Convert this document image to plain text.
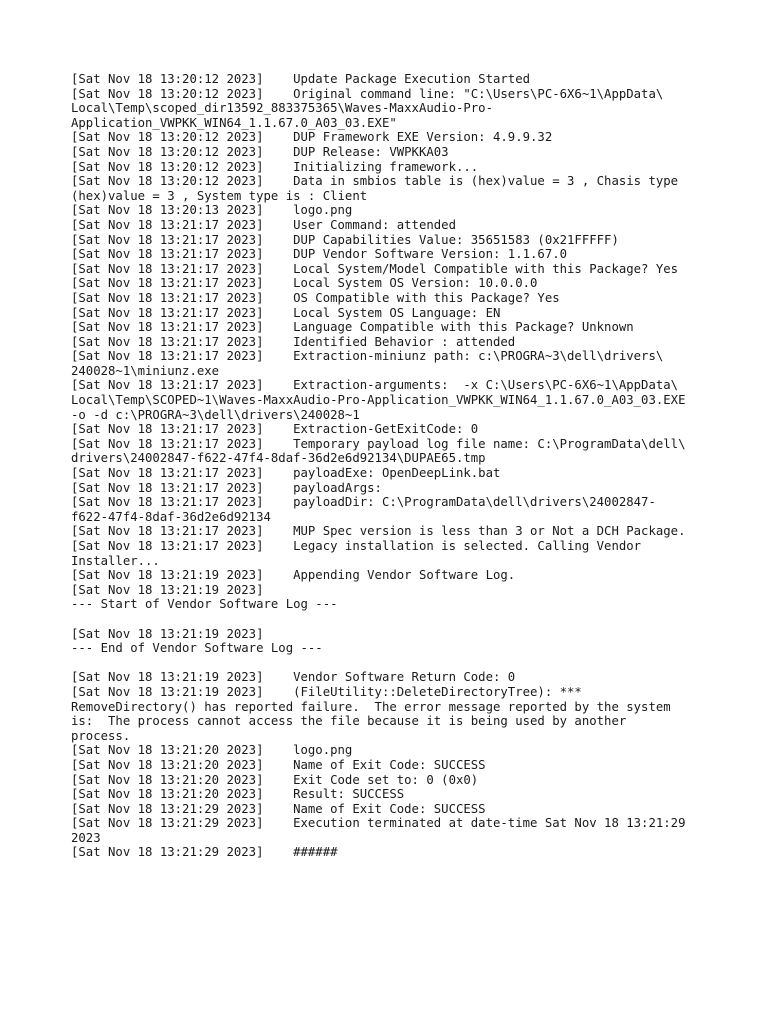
[Sat Nov 18 13:20:12 2023]    Update Package Execution Started
[Sat Nov 18 13:20:12 2023]    Original command line: "C:\Users\PC-6X6~1\AppData\
Local\Temp\scoped_dir13592_883375365\Waves-MaxxAudio-Pro-
Application_VWPKK_WIN64_1.1.67.0_A03_03.EXE"
[Sat Nov 18 13:20:12 2023]    DUP Framework EXE Version: 4.9.9.32
[Sat Nov 18 13:20:12 2023]    DUP Release: VWPKKA03
[Sat Nov 18 13:20:12 2023]    Initializing framework...
[Sat Nov 18 13:20:12 2023]    Data in smbios table is (hex)value = 3 , Chasis type
(hex)value = 3 , System type is : Client
[Sat Nov 18 13:20:13 2023]    logo.png
[Sat Nov 18 13:21:17 2023]    User Command: attended
[Sat Nov 18 13:21:17 2023]    DUP Capabilities Value: 35651583 (0x21FFFFF)
[Sat Nov 18 13:21:17 2023]    DUP Vendor Software Version: 1.1.67.0
[Sat Nov 18 13:21:17 2023]    Local System/Model Compatible with this Package? Yes
[Sat Nov 18 13:21:17 2023]    Local System OS Version: 10.0.0.0
[Sat Nov 18 13:21:17 2023]    OS Compatible with this Package? Yes
[Sat Nov 18 13:21:17 2023]    Local System OS Language: EN
[Sat Nov 18 13:21:17 2023]    Language Compatible with this Package? Unknown
[Sat Nov 18 13:21:17 2023]    Identified Behavior : attended
[Sat Nov 18 13:21:17 2023]    Extraction-miniunz path: c:\PROGRA~3\dell\drivers\
240028~1\miniunz.exe
[Sat Nov 18 13:21:17 2023]    Extraction-arguments:  -x C:\Users\PC-6X6~1\AppData\
Local\Temp\SCOPED~1\Waves-MaxxAudio-Pro-Application_VWPKK_WIN64_1.1.67.0_A03_03.EXE
-o -d c:\PROGRA~3\dell\drivers\240028~1
[Sat Nov 18 13:21:17 2023]    Extraction-GetExitCode: 0
[Sat Nov 18 13:21:17 2023]    Temporary payload log file name: C:\ProgramData\dell\
drivers\24002847-f622-47f4-8daf-36d2e6d92134\DUPAE65.tmp
[Sat Nov 18 13:21:17 2023]    payloadExe: OpenDeepLink.bat
[Sat Nov 18 13:21:17 2023]    payloadArgs:
[Sat Nov 18 13:21:17 2023]    payloadDir: C:\ProgramData\dell\drivers\24002847-
f622-47f4-8daf-36d2e6d92134
[Sat Nov 18 13:21:17 2023]    MUP Spec version is less than 3 or Not a DCH Package.
[Sat Nov 18 13:21:17 2023]    Legacy installation is selected. Calling Vendor
Installer...
[Sat Nov 18 13:21:19 2023]    Appending Vendor Software Log.
[Sat Nov 18 13:21:19 2023]
--- Start of Vendor Software Log ---
[Sat Nov 18 13:21:19 2023]
--- End of Vendor Software Log ---
[Sat Nov 18 13:21:19 2023]    Vendor Software Return Code: 0
[Sat Nov 18 13:21:19 2023]    (FileUtility::DeleteDirectoryTree): ***
RemoveDirectory() has reported failure.  The error message reported by the system
is:  The process cannot access the file because it is being used by another
process.
[Sat Nov 18 13:21:20 2023]    logo.png
[Sat Nov 18 13:21:20 2023]    Name of Exit Code: SUCCESS
[Sat Nov 18 13:21:20 2023]    Exit Code set to: 0 (0x0)
[Sat Nov 18 13:21:20 2023]    Result: SUCCESS
[Sat Nov 18 13:21:29 2023]    Name of Exit Code: SUCCESS
[Sat Nov 18 13:21:29 2023]    Execution terminated at date-time Sat Nov 18 13:21:29
2023
[Sat Nov 18 13:21:29 2023]    ######
